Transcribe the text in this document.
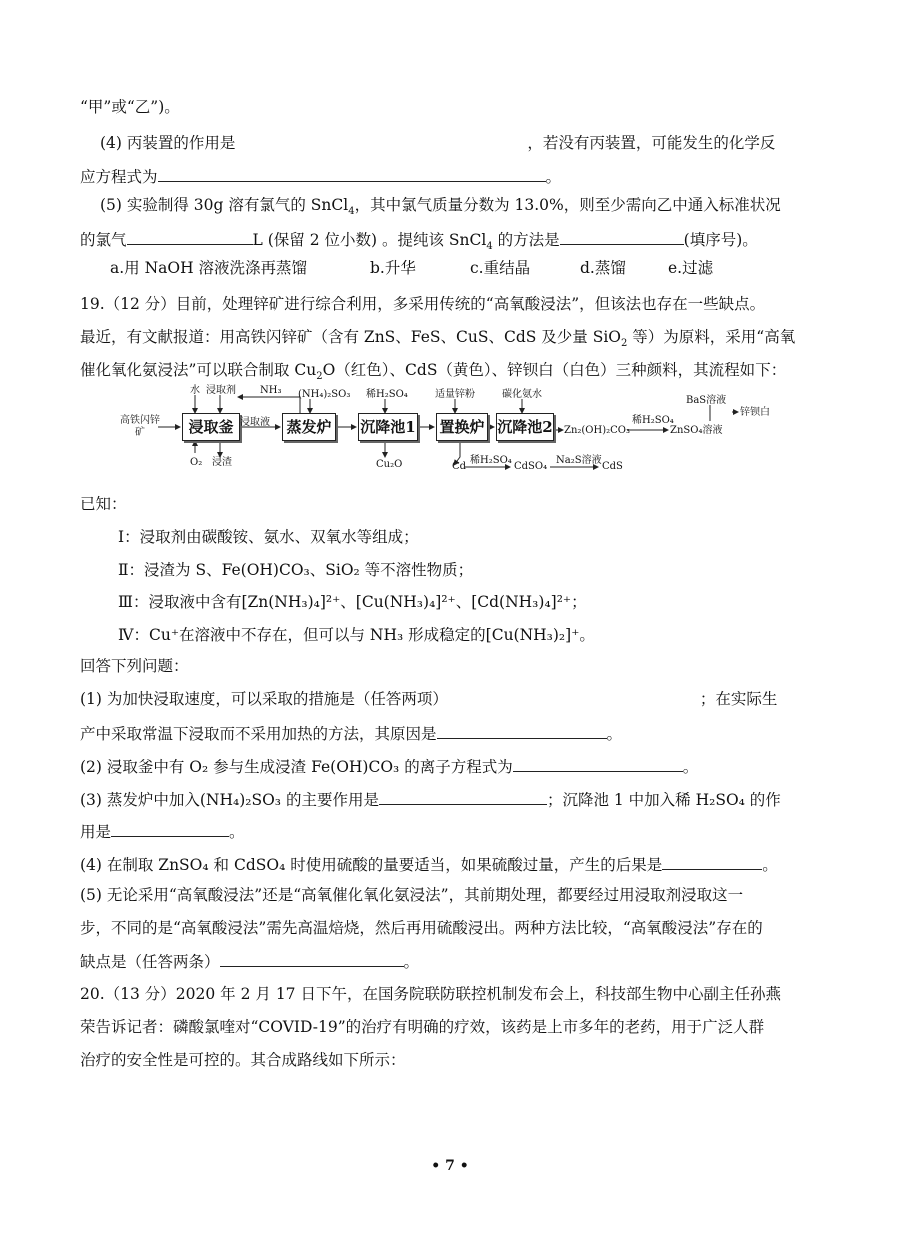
“甲”或“乙”)。
(4) 丙装置的作用是	，若没有丙装置，可能发生的化学反
应方程式为	。
(5) 实验制得 30g 溶有氯气的 SnCl$_4$，其中氯气质量分数为 13.0%，则至少需向乙中通入标准状况
的氯气	L (保留 2 位小数) 。提纯该 SnCl$_4$ 的方法是	(填序号)。
a.用 NaOH 溶液洗涤再蒸馏	b.升华	c.重结晶	d.蒸馏	e.过滤
19.（12 分）目前，处理锌矿进行综合利用，多采用传统的“高氧酸浸法”，但该法也存在一些缺点。
最近，有文献报道：用高铁闪锌矿（含有 ZnS、FeS、CuS、CdS 及少量 SiO$_2$ 等）为原料，采用“高氧
催化氧化氨浸法”可以联合制取 $Cu_2O$（红色）、CdS（黄色）、锌钡白（白色）三种颜料，其流程如下：
高铁闪锌矿	浸取釜	蒸发炉	沉降池1 置换炉 沉降池2
水 浸取剂 NH₃
浸取液
(NH₄)₂SO₃ 稀H₂SO₄	适量锌粉	碳化氨水
O₂ 浸渣	Cu₂O	Cd
稀H₂SO₄
CdSO₄
Na₂S溶液
CdS
Zn₂(OH)₂CO₃
稀H₂SO₄
ZnSO₄溶液
BaS溶液
锌钡白
已知：
Ⅰ：浸取剂由碳酸铵、氨水、双氧水等组成；
Ⅱ：浸渣为 S、Fe(OH)CO₃、SiO₂ 等不溶性物质；
Ⅲ：浸取液中含有[Zn(NH₃)₄]²⁺、[Cu(NH₃)₄]²⁺、[Cd(NH₃)₄]²⁺；
Ⅳ：Cu⁺在溶液中不存在，但可以与 NH₃ 形成稳定的[Cu(NH₃)₂]⁺。
回答下列问题：
(1) 为加快浸取速度，可以采取的措施是（任答两项）	；在实际生
产中采取常温下浸取而不采用加热的方法，其原因是	。
(2) 浸取釜中有 O₂ 参与生成浸渣 Fe(OH)CO₃ 的离子方程式为	。
(3) 蒸发炉中加入(NH₄)₂SO₃ 的主要作用是	；沉降池 1 中加入稀 H₂SO₄ 的作
用是	。
(4) 在制取 ZnSO₄ 和 CdSO₄ 时使用硫酸的量要适当，如果硫酸过量，产生的后果是	。
(5) 无论采用“高氧酸浸法”还是“高氧催化氧化氨浸法”，其前期处理，都要经过用浸取剂浸取这一
步，不同的是“高氧酸浸法”需先高温焙烧，然后再用硫酸浸出。两种方法比较，“高氧酸浸法”存在的
缺点是（任答两条）	。
20.（13 分）2020 年 2 月 17 日下午，在国务院联防联控机制发布会上，科技部生物中心副主任孙燕
荣告诉记者：磷酸氯喹对“COVID-19”的治疗有明确的疗效，该药是上市多年的老药，用于广泛人群
治疗的安全性是可控的。其合成路线如下所示：
• 7 •
